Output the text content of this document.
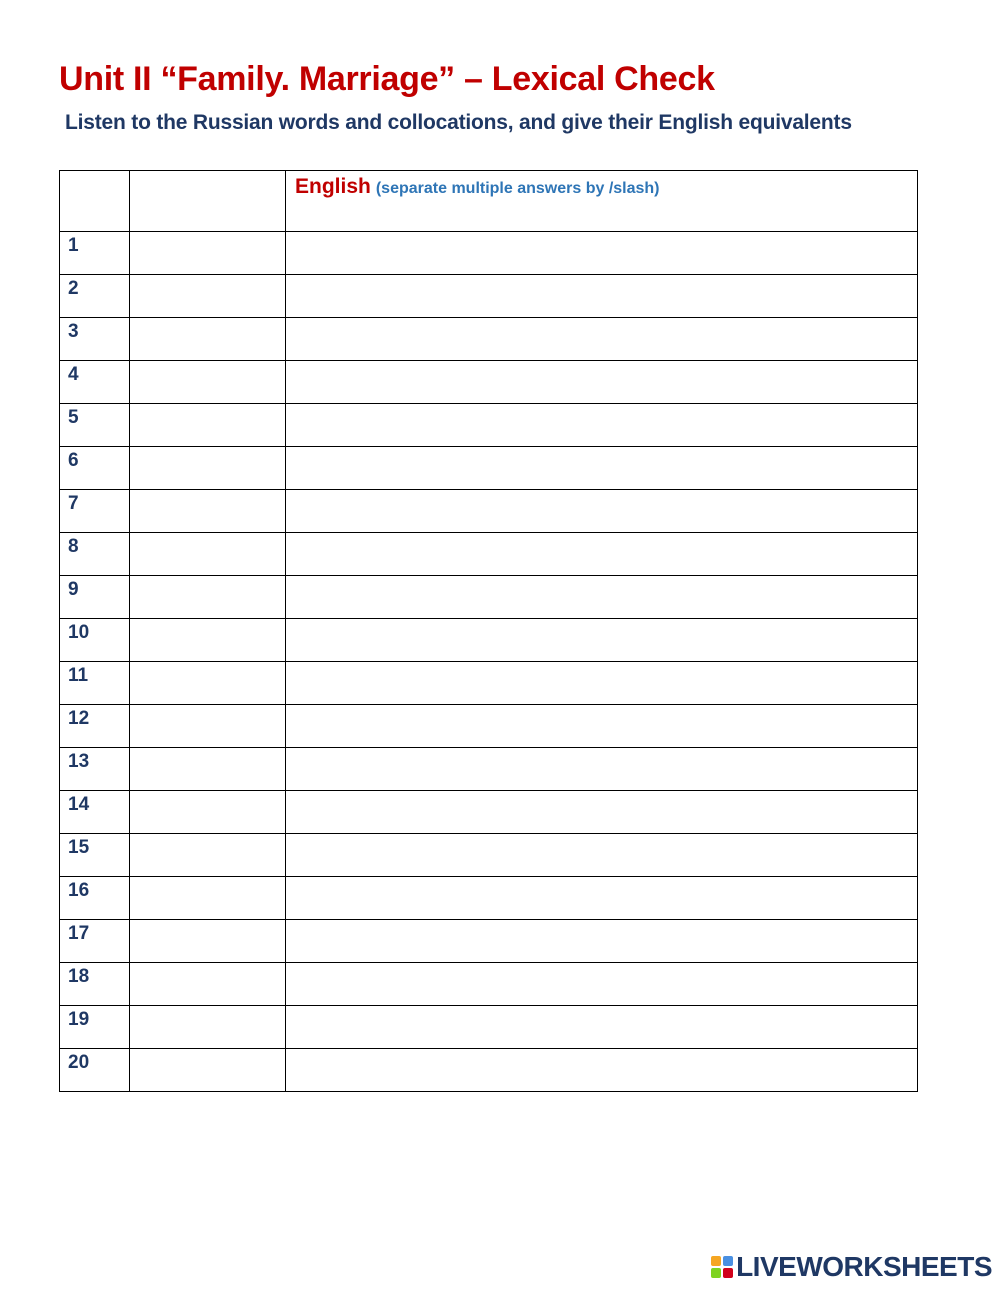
Unit II “Family. Marriage” – Lexical Check
Listen to the Russian words and collocations, and give their English equivalents
		English (separate multiple answers by /slash)

1		

2		

3		

4		

5		

6		

7		

8		

9		

10		

11		

12		

13		

14		

15		

16		

17		

18		

19		

20		

LIVEWORKSHEETS
